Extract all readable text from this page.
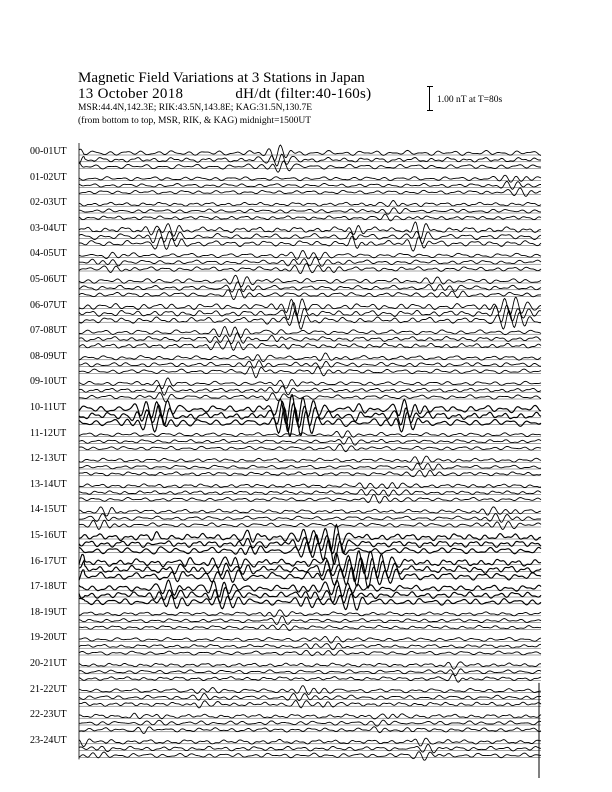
Magnetic Field Variations at 3 Stations in Japan
13 October 2018	dH/dt (filter:40-160s)
MSR:44.4N,142.3E; RIK:43.5N,143.8E; KAG:31.5N,130.7E
(from bottom to top, MSR, RIK, & KAG) midnight=1500UT
1.00 nT at T=80s
00-01UT
01-02UT
02-03UT
03-04UT
04-05UT
05-06UT
06-07UT
07-08UT
08-09UT
09-10UT
10-11UT
11-12UT
12-13UT
13-14UT
14-15UT
15-16UT
16-17UT
17-18UT
18-19UT
19-20UT
20-21UT
21-22UT
22-23UT
23-24UT
